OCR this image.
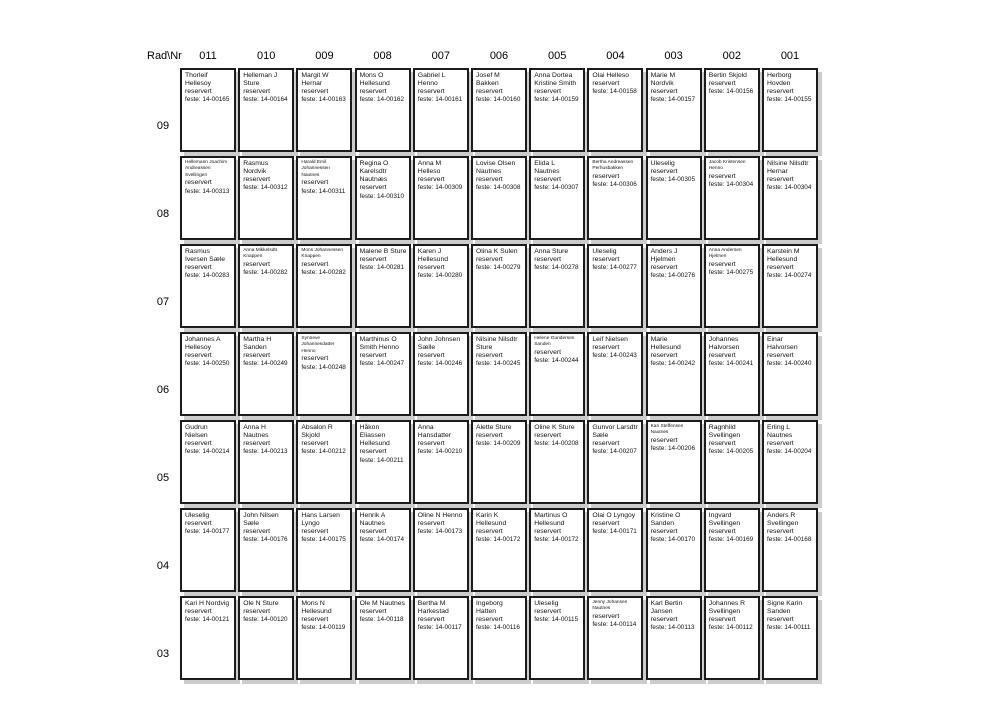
Rad\Nr	011	010	009	008	007	006	005	004	003	002	001
09
Thorleif Hellesoy
reservert
feste: 14-00165
Helleman J Sture
reservert
feste: 14-00164
Margit W Hernar
reservert
feste: 14-00163
Mons O Hellesund
reservert
feste: 14-00162
Gabriel L Henno
reservert
feste: 14-00161
Josef M Bakken
reservert
feste: 14-00160
Anna Dortea Kristine Smith
reservert
feste: 14-00159
Olai Helleso
reservert
feste: 14-00158
Marie M Nordvik
reservert
feste: 14-00157
Bertin Skjold
reservert
feste: 14-00156
Herborg Hovden
reservert
feste: 14-00155
08
Hellemann Joachim Andreassen Svellingen
reservert
feste: 14-00313
Rasmus Nordvik
reservert
feste: 14-00312
Harald Emil Johannessen Nautnes
reservert
feste: 14-00311
Regina O Karelsdtr Nautnæs
reservert
feste: 14-00310
Anna M Helleso
reservert
feste: 14-00309
Lovise Olsen Nautnes
reservert
feste: 14-00308
Elida L Nautnes
reservert
feste: 14-00307
Bertha Andreassen Perhusbakken
reservert
feste: 14-00306
Uleselig
reservert
feste: 14-00305
Jacob Kristensen Henno
reservert
feste: 14-00304
Nilsine Nilsdtr Hernar
reservert
feste: 14-00304
07
Rasmus Iversen Sæle
reservert
feste: 14-00283
Anna Mikkelsdtr. Knappen
reservert
feste: 14-00282
Mons Johannessen Knappen
reservert
feste: 14-00282
Malene B Sture
reservert
feste: 14-00281
Karen J Hellesund
reservert
feste: 14-00280
Olina K Sulen
reservert
feste: 14-00279
Anna Sture
reservert
feste: 14-00278
Uleselig
reservert
feste: 14-00277
Anders J Hjelmen
reservert
feste: 14-00276
Anna Andersen Hjelmen
reservert
feste: 14-00275
Karstein M Hellesund
reservert
feste: 14-00274
06
Johannes A Hellesoy
reservert
feste: 14-00250
Martha H Sanden
reservert
feste: 14-00249
Synneve Johannesdatter Henno
reservert
feste: 14-00248
Marthinus O Smith Henno
reservert
feste: 14-00247
John Johnsen Sælle
reservert
feste: 14-00246
Nilsine Nilsdtr Sture
reservert
feste: 14-00245
Helene Gundersen Sanden
reservert
feste: 14-00244
Leif Nielsen
reservert
feste: 14-00243
Marie Hellesund
reservert
feste: 14-00242
Johannes Halvorsen
reservert
feste: 14-00241
Einar Halvorsen
reservert
feste: 14-00240
05
Gudrun Nielsen
reservert
feste: 14-00214
Anna H Nautnes
reservert
feste: 14-00213
Absalon R Skjold
reservert
feste: 14-00212
Håkon Eliassen Hellesund
reservert
feste: 14-00211
Anna Hansdatter
reservert
feste: 14-00210
Alette Sture
reservert
feste: 14-00209
Oline K Sture
reservert
feste: 14-00208
Gunvor Larsdtr Sæle
reservert
feste: 14-00207
Kari Steffensen Nautnes
reservert
feste: 14-00206
Ragnhild Svellingen
reservert
feste: 14-00205
Erling L Nautnes
reservert
feste: 14-00204
04
Uleselig
reservert
feste: 14-00177
John Nilsen Sæle
reservert
feste: 14-00176
Hans Larsen Lyngo
reservert
feste: 14-00175
Henrik A Nautnes
reservert
feste: 14-00174
Oline N Henno
reservert
feste: 14-00173
Karin K Hellesund
reservert
feste: 14-00172
Martinus O Hellesund
reservert
feste: 14-00172
Olai O Lyngoy
reservert
feste: 14-00171
Kristine O Sanden
reservert
feste: 14-00170
Ingvard Svellingen
reservert
feste: 14-00169
Anders R Svellingen
reservert
feste: 14-00168
03
Kari H Nordvig
reservert
feste: 14-00121
Ole N Sture
reservert
feste: 14-00120
Mons N Hellesund
reservert
feste: 14-00119
Ole M Nautnes
reservert
feste: 14-00118
Bertha M Harkestad
reservert
feste: 14-00117
Ingeborg Hatten
reservert
feste: 14-00116
Uleselig
reservert
feste: 14-00115
Jenny Johansen Nautnes
reservert
feste: 14-00114
Karl Bertin Jansen
reservert
feste: 14-00113
Johannes R Svellingen
reservert
feste: 14-00112
Signe Karin Sanden
reservert
feste: 14-00111
